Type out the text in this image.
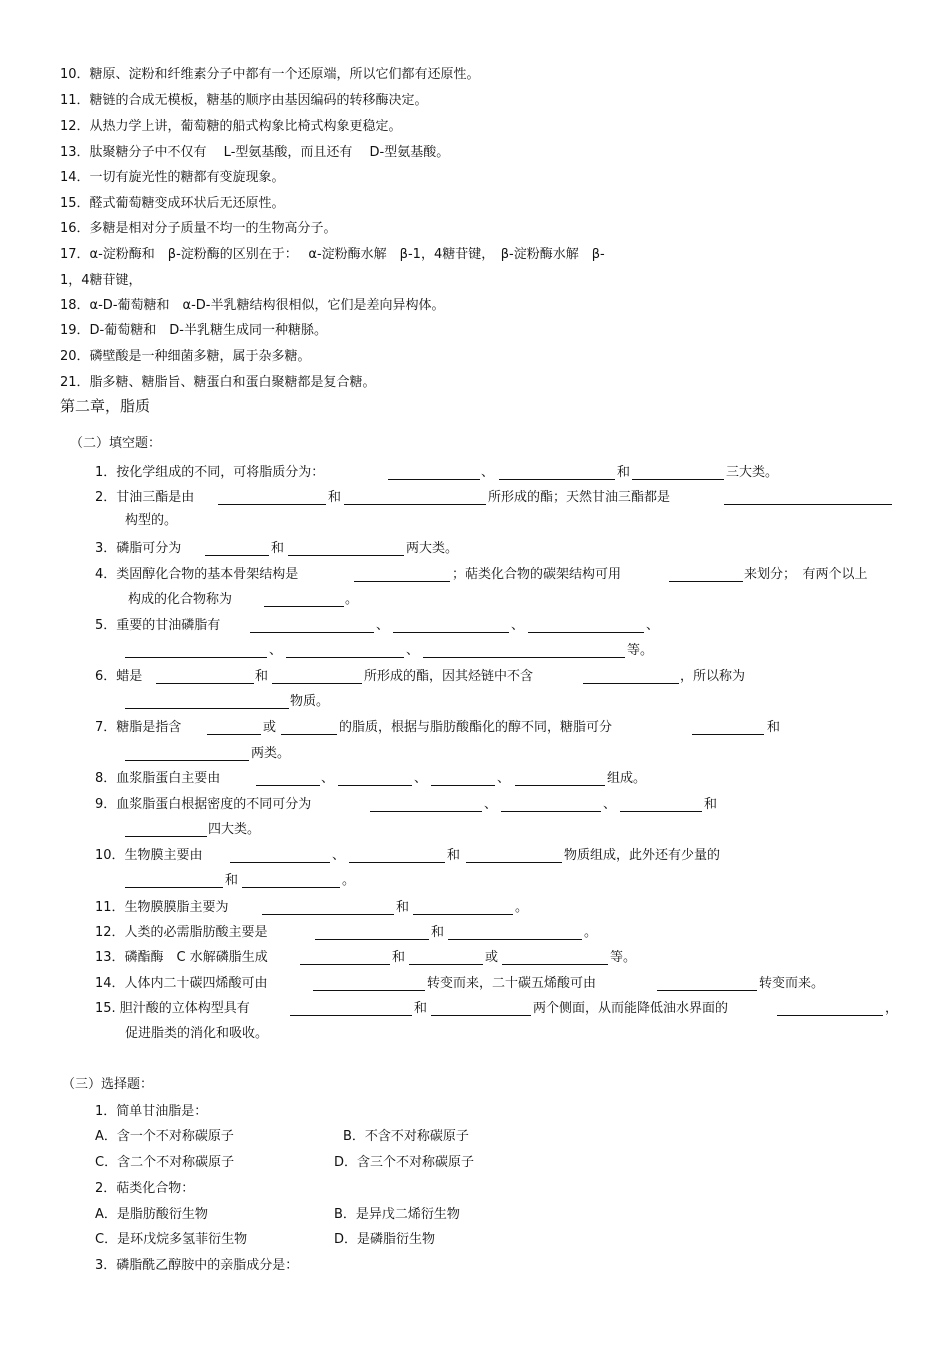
10．糖原、淀粉和纤维素分子中都有一个还原端，所以它们都有还原性。
11．糖链的合成无模板，糖基的顺序由基因编码的转移酶决定。
12．从热力学上讲，葡萄糖的船式构象比椅式构象更稳定。
13．肽聚糖分子中不仅有　 L-型氨基酸，而且还有　 D-型氨基酸。
14．一切有旋光性的糖都有变旋现象。
15．醛式葡萄糖变成环状后无还原性。
16．多糖是相对分子质量不均一的生物高分子。
17．α-淀粉酶和　β-淀粉酶的区别在于：　 α-淀粉酶水解　β-1，4糖苷键，　β-淀粉酶水解　β-
1，4糖苷键，
18．α-D-葡萄糖和　α-D-半乳糖结构很相似，它们是差向异构体。
19．D-葡萄糖和　D-半乳糖生成同一种糖脎。
20．磷壁酸是一种细菌多糖，属于杂多糖。
21．脂多糖、糖脂旨、糖蛋白和蛋白聚糖都是复合糖。
第二章，脂质
（二）填空题：
1．按化学组成的不同，可将脂质分为：	、	和	三大类。
2．甘油三酯是由	和	所形成的酯；天然甘油三酯都是
构型的。
3．磷脂可分为	和	两大类。
4．类固醇化合物的基本骨架结构是	；萜类化合物的碳架结构可用	来划分；　有两个以上
构成的化合物称为	。
5．重要的甘油磷脂有	、	、	、
、	、	等。
6．蜡是	和	所形成的酯，因其烃链中不含	，所以称为
物质。
7．糖脂是指含	或	的脂质，根据与脂肪酸酯化的醇不同，糖脂可分	和
两类。
8．血浆脂蛋白主要由	、	、	、	组成。
9．血浆脂蛋白根据密度的不同可分为	、	、	和
四大类。
10．生物膜主要由	、	和	物质组成，此外还有少量的
和	。
11．生物膜膜脂主要为	和	。
12．人类的必需脂肪酸主要是	和	。
13．磷酯酶　C 水解磷脂生成	和	或	等。
14．人体内二十碳四烯酸可由	转变而来，二十碳五烯酸可由	转变而来。
15. 胆汁酸的立体构型具有	和	两个侧面，从而能降低油水界面的	，
促进脂类的消化和吸收。
（三）选择题：
1．简单甘油脂是：
A．含一个不对称碳原子	B．不含不对称碳原子
C．含二个不对称碳原子	D．含三个不对称碳原子
2．萜类化合物：
A．是脂肪酸衍生物	B．是异戊二烯衍生物
C．是环戊烷多氢菲衍生物	D．是磷脂衍生物
3．磷脂酰乙醇胺中的亲脂成分是：
